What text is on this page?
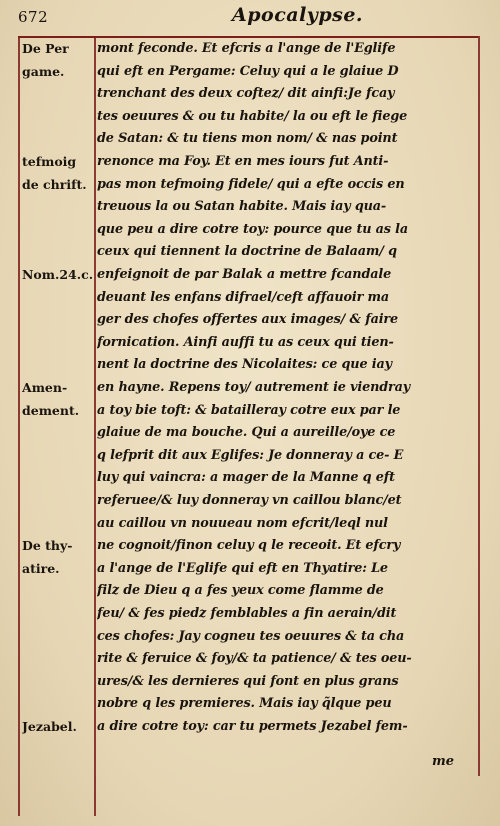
672	Apocalypse.
De Per	mont feconde. Et efcris a l'ange de l'Eglife
game.	qui eft en Pergame: Celuy qui a le glaiue D
trenchant des deux coftez/ dit ainfi:Je fcay
tes oeuures & ou tu habite/ la ou eft le fiege
de Satan: & tu tiens mon nom/ & nas point
tefmoig	renonce ma Foy. Et en mes iours fut Anti-
de chrift. pas mon tefmoing fidele/ qui a efte occis en
treuous la ou Satan habite. Mais iay qua-
que peu a dire cotre toy: pource que tu as la
ceux qui tiennent la doctrine de Balaam/ q
Nom.24.c. enfeignoit de par Balak a mettre fcandale
deuant les enfans difrael/ceft affauoir ma
ger des chofes offertes aux images/ & faire
fornication. Ainfi auffi tu as ceux qui tien-
nent la doctrine des Nicolaites: ce que iay
Amen-	en hayne. Repens toy/ autrement ie viendray
dement.	a toy bie toft: & batailleray cotre eux par le
glaiue de ma bouche. Qui a aureille/oye ce
q lefprit dit aux Eglifes: Je donneray a ce- E
luy qui vaincra: a mager de la Manne q eft
referuee/& luy donneray vn caillou blanc/et
au caillou vn nouueau nom efcrit/leql nul
De thy-	ne cognoit/finon celuy q le receoit. Et efcry
atire.	a l'ange de l'Eglife qui eft en Thyatire: Le
filz de Dieu q a fes yeux come flamme de
feu/ & fes piedz femblables a fin aerain/dit
ces chofes: Jay cogneu tes oeuures & ta cha
rite & feruice & foy/& ta patience/ & tes oeu-
ures/& les dernieres qui font en plus grans
nobre q les premieres. Mais iay q̃lque peu
Jezabel.	a dire cotre toy: car tu permets Jezabel fem-
me
